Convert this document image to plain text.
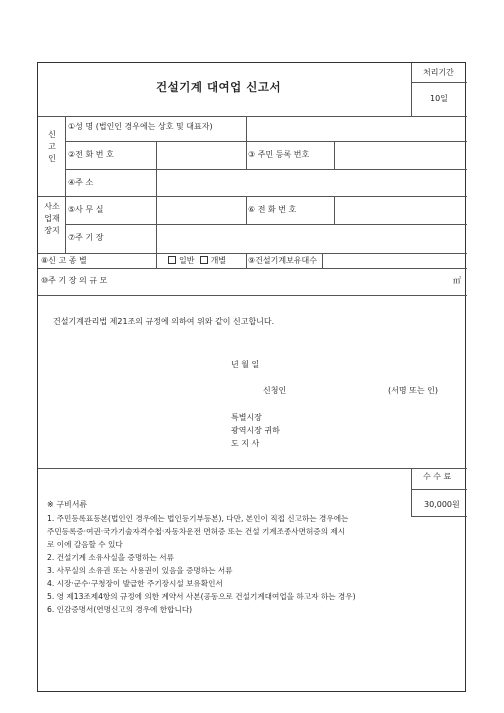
건설기계 대여업 신고서
처리기간
10일
신
고
인
①성 명 (법인인 경우에는 상호 및 대표자)
②전 화 번 호	③ 주민 등록 번호
④주 소
사소
업재
장지
⑤사 무 실	⑥ 전 화 번 호
⑦주 기 장
⑧신 고 종 별	일반 개별	⑨건설기계보유대수
⑩주 기 장 의 규 모	㎡
건설기계관리법 제21조의 규정에 의하여 위와 같이 신고합니다.
년 월 일
신청인	(서명 또는 인)
특별시장
광역시장 귀하
도 지 사
수 수 료
30,000원
※ 구비서류
1. 주민등록표등본(법인인 경우에는 법인등기부등본), 다만, 본인이 직접 신고하는 경우에는
주민등록증·여권·국가기술자격수첩·자동차운전 면허증 또는 건설 기계조종사면허증의 제시
로 이에 갈음할 수 있다
2. 건설기계 소유사실을 증명하는 서류
3. 사무실의 소유권 또는 사용권이 있음을 증명하는 서류
4. 시장·군수·구청장이 발급한 주기장시설 보유확인서
5. 영 제13조제4항의 규정에 의한 계약서 사본(공동으로 건설기계대여업을 하고자 하는 경우)
6. 인감증명서(연명신고의 경우에 한합니다)
